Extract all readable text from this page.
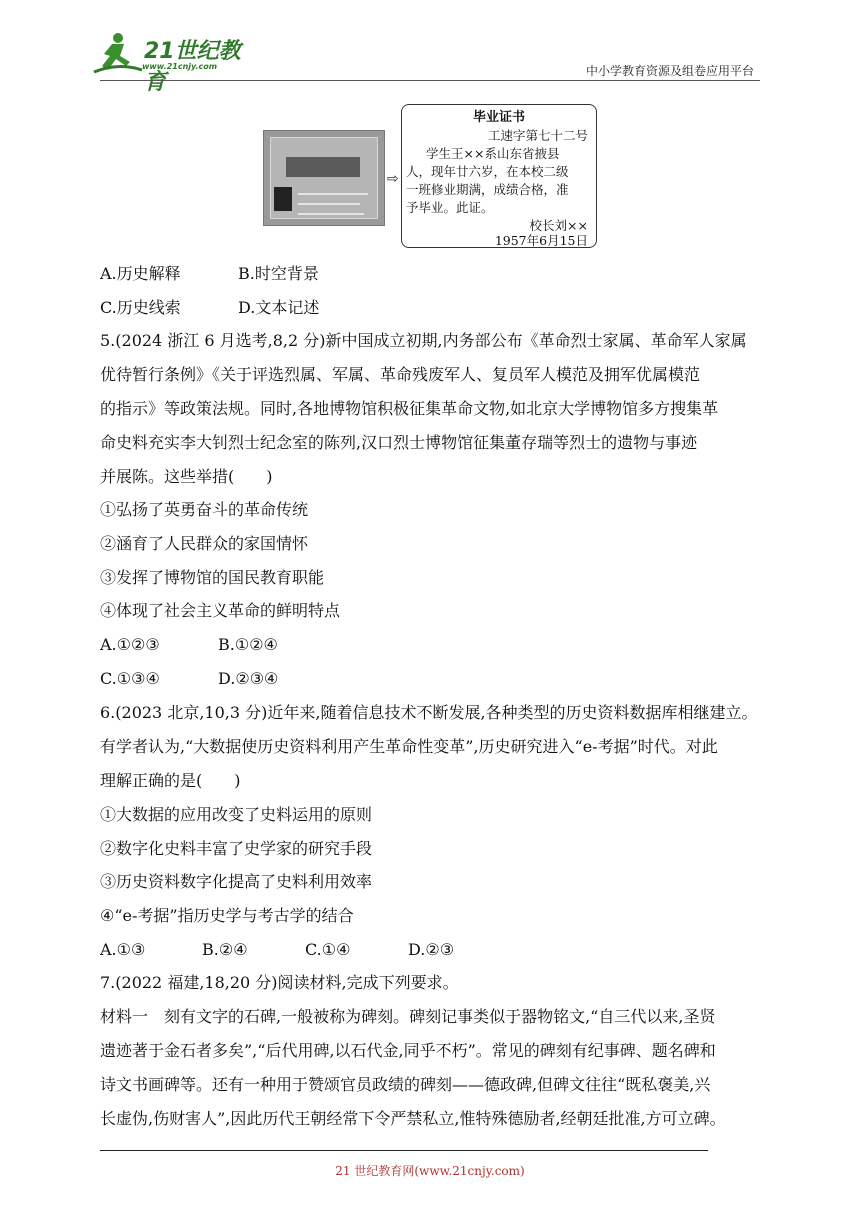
21世纪教育
www.21cnjy.com	中小学教育资源及组卷应用平台
⇨
毕业证书
工速字第七十二号
学生王××系山东省掖县
人，现年廿六岁，在本校二级
一班修业期满，成绩合格，准
予毕业。此证。
校长刘××
1957年6月15日
A.历史解释	B.时空背景
C.历史线索	D.文本记述
5.(2024 浙江 6 月选考,8,2 分)新中国成立初期,内务部公布《革命烈士家属、革命军人家属
优待暂行条例》《关于评选烈属、军属、革命残废军人、复员军人模范及拥军优属模范
的指示》等政策法规。同时,各地博物馆积极征集革命文物,如北京大学博物馆多方搜集革
命史料充实李大钊烈士纪念室的陈列,汉口烈士博物馆征集董存瑞等烈士的遗物与事迹
并展陈。这些举措(　　)
①弘扬了英勇奋斗的革命传统
②涵育了人民群众的家国情怀
③发挥了博物馆的国民教育职能
④体现了社会主义革命的鲜明特点
A.①②③	B.①②④
C.①③④	D.②③④
6.(2023 北京,10,3 分)近年来,随着信息技术不断发展,各种类型的历史资料数据库相继建立。
有学者认为,“大数据使历史资料利用产生革命性变革”,历史研究进入“e-考据”时代。对此
理解正确的是(　　)
①大数据的应用改变了史料运用的原则
②数字化史料丰富了史学家的研究手段
③历史资料数字化提高了史料利用效率
④“e-考据”指历史学与考古学的结合
A.①③	B.②④	C.①④	D.②③
7.(2022 福建,18,20 分)阅读材料,完成下列要求。
材料一　刻有文字的石碑,一般被称为碑刻。碑刻记事类似于器物铭文,“自三代以来,圣贤
遗迹著于金石者多矣”,“后代用碑,以石代金,同乎不朽”。常见的碑刻有纪事碑、题名碑和
诗文书画碑等。还有一种用于赞颂官员政绩的碑刻——德政碑,但碑文往往“既私褒美,兴
长虚伪,伤财害人”,因此历代王朝经常下令严禁私立,惟特殊德励者,经朝廷批准,方可立碑。
21 世纪教育网(www.21cnjy.com)
